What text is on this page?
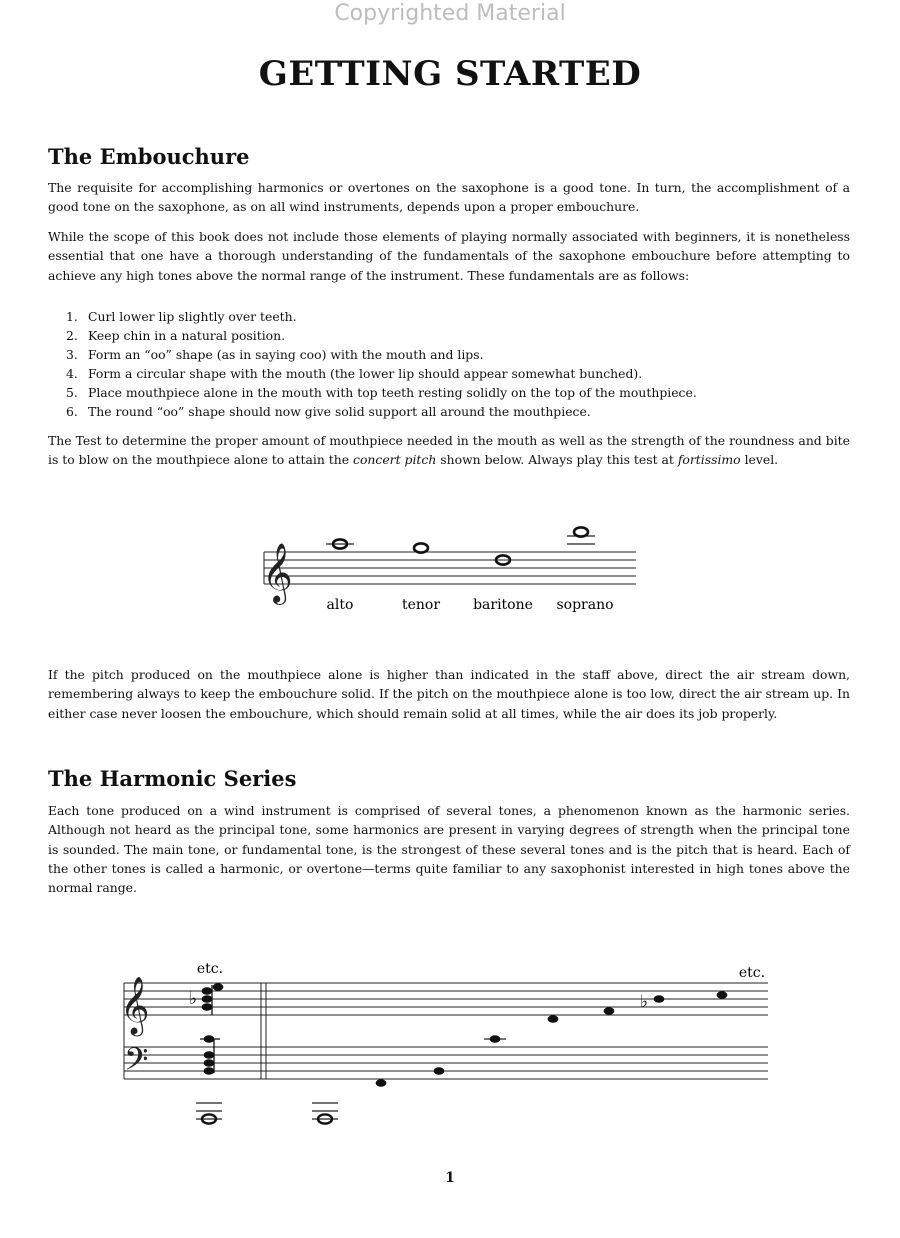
Copyrighted Material
GETTING STARTED
The Embouchure

The requisite for accomplishing harmonics or overtones on the saxophone is a good tone. In turn, the accomplishment of a good tone on the saxophone, as on all wind instruments, depends upon a proper embouchure.

While the scope of this book does not include those elements of playing normally associated with beginners, it is nonetheless essential that one have a thorough understanding of the fundamentals of the saxophone embouchure before attempting to achieve any high tones above the normal range of the instrument. These fundamentals are as follows:

1. Curl lower lip slightly over teeth.
2. Keep chin in a natural position.
3. Form an “oo” shape (as in saying coo) with the mouth and lips.
4. Form a circular shape with the mouth (the lower lip should appear somewhat bunched).
5. Place mouthpiece alone in the mouth with top teeth resting solidly on the top of the mouthpiece.
6. The round “oo” shape should now give solid support all around the mouthpiece.

The Test to determine the proper amount of mouthpiece needed in the mouth as well as the strength of the roundness and bite is to blow on the mouthpiece alone to attain the concert pitch shown below. Always play this test at fortissimo level.

𝄞
alto	tenor baritone soprano

If the pitch produced on the mouthpiece alone is higher than indicated in the staff above, direct the air stream down, remembering always to keep the embouchure solid. If the pitch on the mouthpiece alone is too low, direct the air stream up. In either case never loosen the embouchure, which should remain solid at all times, while the air does its job properly.

The Harmonic Series

Each tone produced on a wind instrument is comprised of several tones, a phenomenon known as the harmonic series. Although not heard as the principal tone, some harmonics are present in varying degrees of strength when the principal tone is sounded. The main tone, or fundamental tone, is the strongest of these several tones and is the pitch that is heard. Each of the other tones is called a harmonic, or overtone—terms quite familiar to any saxophonist interested in high tones above the normal range.

𝄞
𝄢
etc.	etc.
♭	♭
1
